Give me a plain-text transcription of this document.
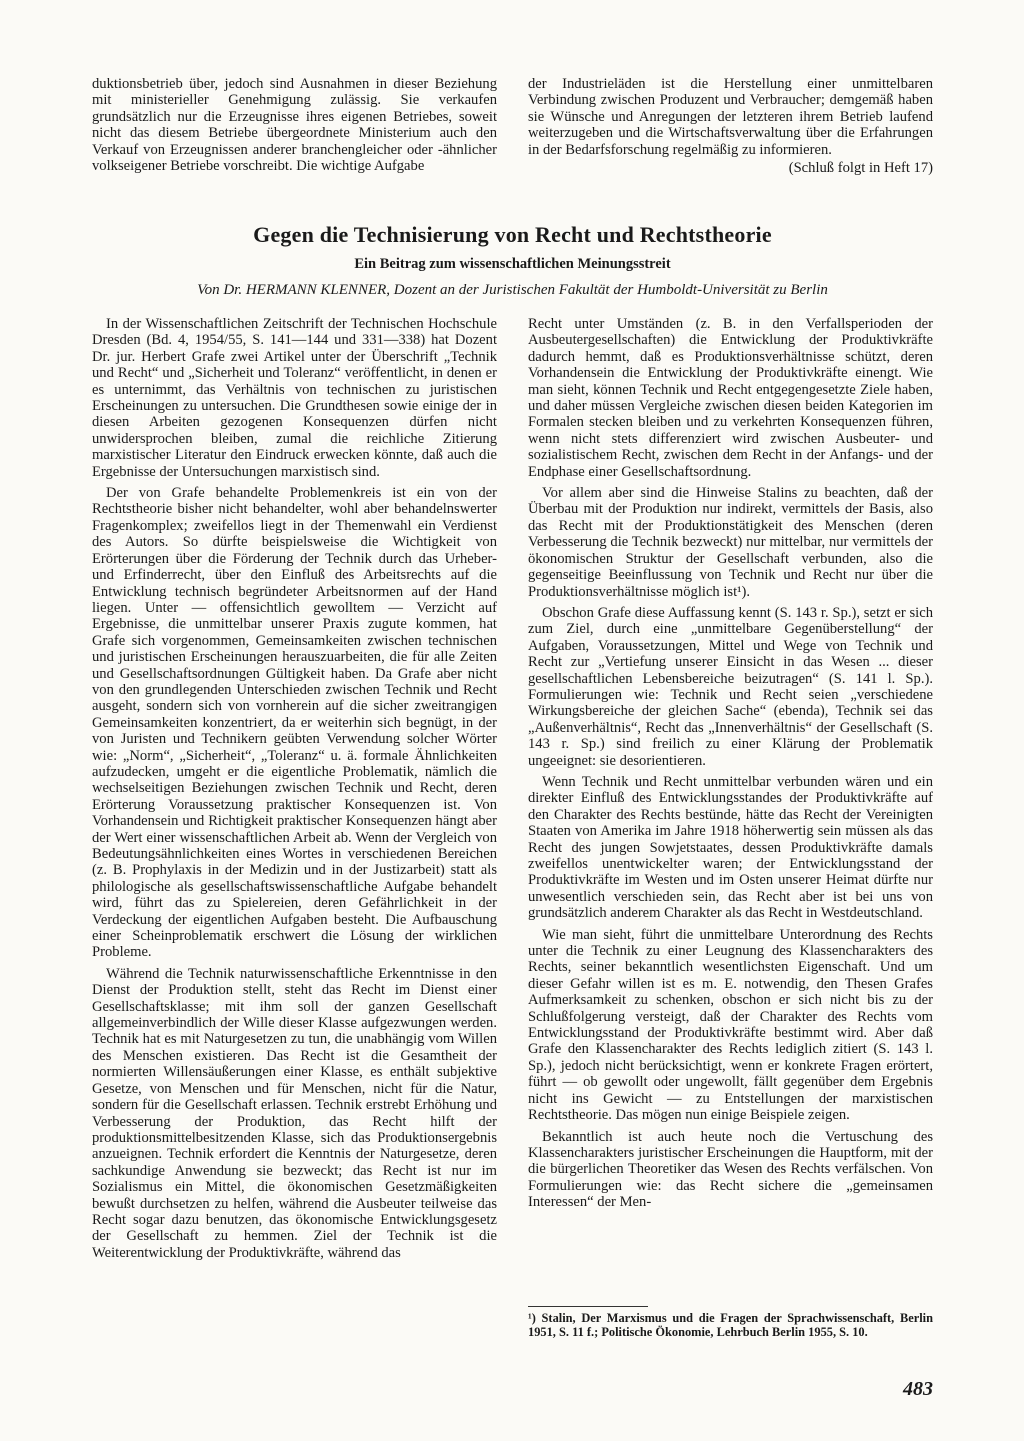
duktionsbetrieb über, jedoch sind Ausnahmen in dieser Beziehung mit ministerieller Genehmigung zulässig. Sie verkaufen grundsätzlich nur die Erzeugnisse ihres eigenen Betriebes, soweit nicht das diesem Betriebe übergeordnete Ministerium auch den Verkauf von Erzeugnissen anderer branchengleicher oder -ähnlicher volkseigener Betriebe vorschreibt. Die wichtige Aufgabe

der Industrieläden ist die Herstellung einer unmittelbaren Verbindung zwischen Produzent und Verbraucher; demgemäß haben sie Wünsche und Anregungen der letzteren ihrem Betrieb laufend weiterzugeben und die Wirtschaftsverwaltung über die Erfahrungen in der Bedarfsforschung regelmäßig zu informieren.

(Schluß folgt in Heft 17)
Gegen die Technisierung von Recht und Rechtstheorie
Ein Beitrag zum wissenschaftlichen Meinungsstreit
Von Dr. HERMANN KLENNER, Dozent an der Juristischen Fakultät der Humboldt-Universität zu Berlin

In der Wissenschaftlichen Zeitschrift der Technischen Hochschule Dresden (Bd. 4, 1954/55, S. 141—144 und 331—338) hat Dozent Dr. jur. Herbert Grafe zwei Artikel unter der Überschrift „Technik und Recht“ und „Sicherheit und Toleranz“ veröffentlicht, in denen er es unternimmt, das Verhältnis von technischen zu juristischen Erscheinungen zu untersuchen. Die Grundthesen sowie einige der in diesen Arbeiten gezogenen Konsequenzen dürfen nicht unwidersprochen bleiben, zumal die reichliche Zitierung marxistischer Literatur den Eindruck erwecken könnte, daß auch die Ergebnisse der Untersuchungen marxistisch sind.

Der von Grafe behandelte Problemenkreis ist ein von der Rechtstheorie bisher nicht behandelter, wohl aber behandelnswerter Fragenkomplex; zweifellos liegt in der Themenwahl ein Verdienst des Autors. So dürfte beispielsweise die Wichtigkeit von Erörterungen über die Förderung der Technik durch das Urheber- und Erfinderrecht, über den Einfluß des Arbeitsrechts auf die Entwicklung technisch begründeter Arbeitsnormen auf der Hand liegen. Unter — offensichtlich gewolltem — Verzicht auf Ergebnisse, die unmittelbar unserer Praxis zugute kommen, hat Grafe sich vorgenommen, Gemeinsamkeiten zwischen technischen und juristischen Erscheinungen herauszuarbeiten, die für alle Zeiten und Gesellschaftsordnungen Gültigkeit haben. Da Grafe aber nicht von den grundlegenden Unterschieden zwischen Technik und Recht ausgeht, sondern sich von vornherein auf die sicher zweitrangigen Gemeinsamkeiten konzentriert, da er weiterhin sich begnügt, in der von Juristen und Technikern geübten Verwendung solcher Wörter wie: „Norm“, „Sicherheit“, „Toleranz“ u. ä. formale Ähnlichkeiten aufzudecken, umgeht er die eigentliche Problematik, nämlich die wechselseitigen Beziehungen zwischen Technik und Recht, deren Erörterung Voraussetzung praktischer Konsequenzen ist. Von Vorhandensein und Richtigkeit praktischer Konsequenzen hängt aber der Wert einer wissenschaftlichen Arbeit ab. Wenn der Vergleich von Bedeutungsähnlichkeiten eines Wortes in verschiedenen Bereichen (z. B. Prophylaxis in der Medizin und in der Justizarbeit) statt als philologische als gesellschaftswissenschaftliche Aufgabe behandelt wird, führt das zu Spielereien, deren Gefährlichkeit in der Verdeckung der eigentlichen Aufgaben besteht. Die Aufbauschung einer Scheinproblematik erschwert die Lösung der wirklichen Probleme.

Während die Technik naturwissenschaftliche Erkenntnisse in den Dienst der Produktion stellt, steht das Recht im Dienst einer Gesellschaftsklasse; mit ihm soll der ganzen Gesellschaft allgemeinverbindlich der Wille dieser Klasse aufgezwungen werden. Technik hat es mit Naturgesetzen zu tun, die unabhängig vom Willen des Menschen existieren. Das Recht ist die Gesamtheit der normierten Willensäußerungen einer Klasse, es enthält subjektive Gesetze, von Menschen und für Menschen, nicht für die Natur, sondern für die Gesellschaft erlassen. Technik erstrebt Erhöhung und Verbesserung der Produktion, das Recht hilft der produktionsmittelbesitzenden Klasse, sich das Produktionsergebnis anzueignen. Technik erfordert die Kenntnis der Naturgesetze, deren sachkundige Anwendung sie bezweckt; das Recht ist nur im Sozialismus ein Mittel, die ökonomischen Gesetzmäßigkeiten bewußt durchsetzen zu helfen, während die Ausbeuter teilweise das Recht sogar dazu benutzen, das ökonomische Entwicklungsgesetz der Gesellschaft zu hemmen. Ziel der Technik ist die Weiterentwicklung der Produktivkräfte, während das

Recht unter Umständen (z. B. in den Verfallsperioden der Ausbeutergesellschaften) die Entwicklung der Produktivkräfte dadurch hemmt, daß es Produktionsverhältnisse schützt, deren Vorhandensein die Entwicklung der Produktivkräfte einengt. Wie man sieht, können Technik und Recht entgegengesetzte Ziele haben, und daher müssen Vergleiche zwischen diesen beiden Kategorien im Formalen stecken bleiben und zu verkehrten Konsequenzen führen, wenn nicht stets differenziert wird zwischen Ausbeuter- und sozialistischem Recht, zwischen dem Recht in der Anfangs- und der Endphase einer Gesellschaftsordnung.

Vor allem aber sind die Hinweise Stalins zu beachten, daß der Überbau mit der Produktion nur indirekt, vermittels der Basis, also das Recht mit der Produktionstätigkeit des Menschen (deren Verbesserung die Technik bezweckt) nur mittelbar, nur vermittels der ökonomischen Struktur der Gesellschaft verbunden, also die gegenseitige Beeinflussung von Technik und Recht nur über die Produktionsverhältnisse möglich ist¹).

Obschon Grafe diese Auffassung kennt (S. 143 r. Sp.), setzt er sich zum Ziel, durch eine „unmittelbare Gegenüberstellung“ der Aufgaben, Voraussetzungen, Mittel und Wege von Technik und Recht zur „Vertiefung unserer Einsicht in das Wesen ... dieser gesellschaftlichen Lebensbereiche beizutragen“ (S. 141 l. Sp.). Formulierungen wie: Technik und Recht seien „verschiedene Wirkungsbereiche der gleichen Sache“ (ebenda), Technik sei das „Außenverhältnis“, Recht das „Innenverhältnis“ der Gesellschaft (S. 143 r. Sp.) sind freilich zu einer Klärung der Problematik ungeeignet: sie desorientieren.

Wenn Technik und Recht unmittelbar verbunden wären und ein direkter Einfluß des Entwicklungsstandes der Produktivkräfte auf den Charakter des Rechts bestünde, hätte das Recht der Vereinigten Staaten von Amerika im Jahre 1918 höherwertig sein müssen als das Recht des jungen Sowjetstaates, dessen Produktivkräfte damals zweifellos unentwickelter waren; der Entwicklungsstand der Produktivkräfte im Westen und im Osten unserer Heimat dürfte nur unwesentlich verschieden sein, das Recht aber ist bei uns von grundsätzlich anderem Charakter als das Recht in Westdeutschland.

Wie man sieht, führt die unmittelbare Unterordnung des Rechts unter die Technik zu einer Leugnung des Klassencharakters des Rechts, seiner bekanntlich wesentlichsten Eigenschaft. Und um dieser Gefahr willen ist es m. E. notwendig, den Thesen Grafes Aufmerksamkeit zu schenken, obschon er sich nicht bis zu der Schlußfolgerung versteigt, daß der Charakter des Rechts vom Entwicklungsstand der Produktivkräfte bestimmt wird. Aber daß Grafe den Klassencharakter des Rechts lediglich zitiert (S. 143 l. Sp.), jedoch nicht berücksichtigt, wenn er konkrete Fragen erörtert, führt — ob gewollt oder ungewollt, fällt gegenüber dem Ergebnis nicht ins Gewicht — zu Entstellungen der marxistischen Rechtstheorie. Das mögen nun einige Beispiele zeigen.

Bekanntlich ist auch heute noch die Vertuschung des Klassencharakters juristischer Erscheinungen die Hauptform, mit der die bürgerlichen Theoretiker das Wesen des Rechts verfälschen. Von Formulierungen wie: das Recht sichere die „gemeinsamen Interessen“ der Men-

¹) Stalin, Der Marxismus und die Fragen der Sprachwissenschaft, Berlin 1951, S. 11 f.; Politische Ökonomie, Lehrbuch Berlin 1955, S. 10.
483
